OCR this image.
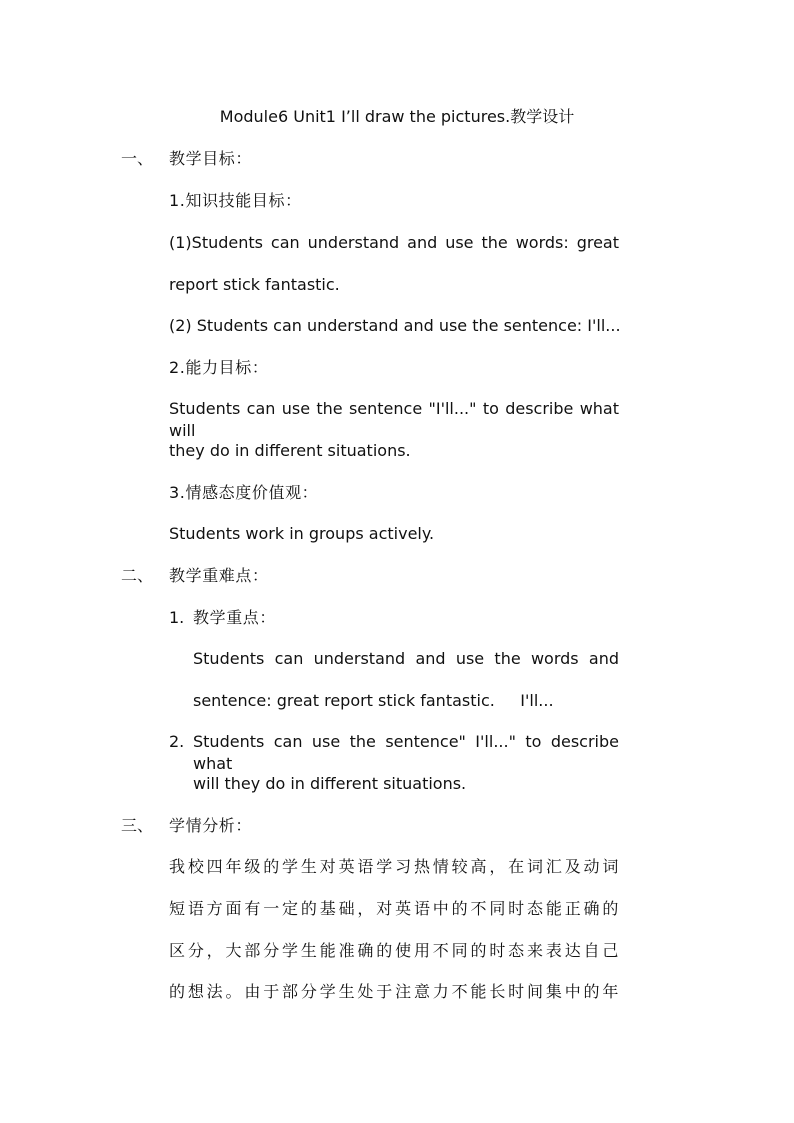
Module6 Unit1 I’ll draw the pictures.教学设计
一、 教学目标：
1.知识技能目标：
(1)Students can understand and use the words: great
report stick fantastic.
(2) Students can understand and use the sentence: I'll...
2.能力目标：
Students can use the sentence "I'll..." to describe what will
they do in different situations.
3.情感态度价值观：
Students work in groups actively.
二、 教学重难点：
1. 教学重点：
Students can understand and use the words and
sentence: great report stick fantastic.     I'll...
2. Students can use the sentence" I'll..." to describe what
will they do in different situations.
三、 学情分析：
我校四年级的学生对英语学习热情较高，在词汇及动词
短语方面有一定的基础，对英语中的不同时态能正确的
区分，大部分学生能准确的使用不同的时态来表达自己
的想法。由于部分学生处于注意力不能长时间集中的年
